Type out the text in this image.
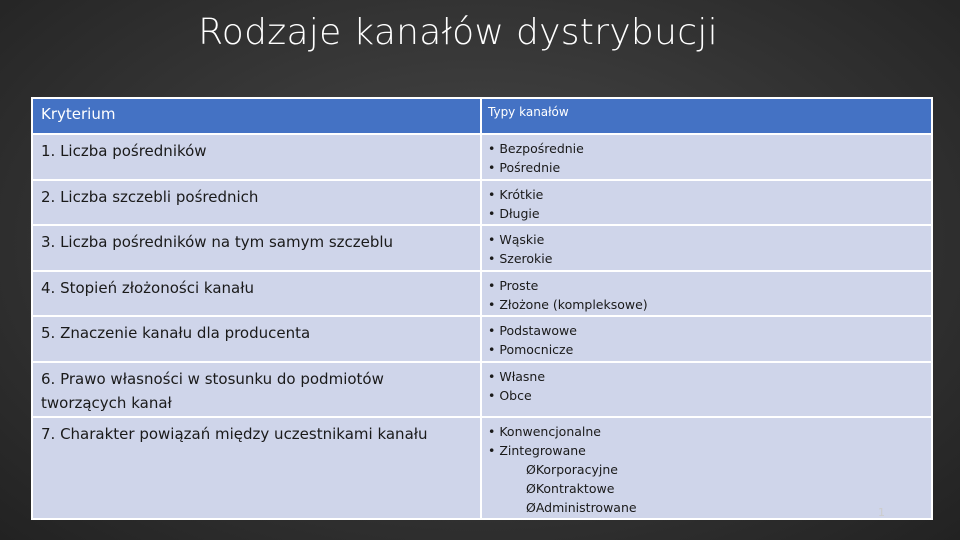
Rodzaje kanałów dystrybucji
Kryterium	Typy kanałów
1. Liczba pośredników	• Bezpośrednie
• Pośrednie

2. Liczba szczebli pośrednich	• Krótkie
• Długie

3. Liczba pośredników na tym samym szczeblu	• Wąskie
• Szerokie

4. Stopień złożoności kanału	• Proste
• Złożone (kompleksowe)

5. Znaczenie kanału dla producenta	• Podstawowe
• Pomocnicze

6. Prawo własności w stosunku do podmiotów tworzących kanał	• Własne
• Obce

7. Charakter powiązań między uczestnikami kanału	• Konwencjonalne
• Zintegrowane
ØKorporacyjne
ØKontraktowe
ØAdministrowane	1
